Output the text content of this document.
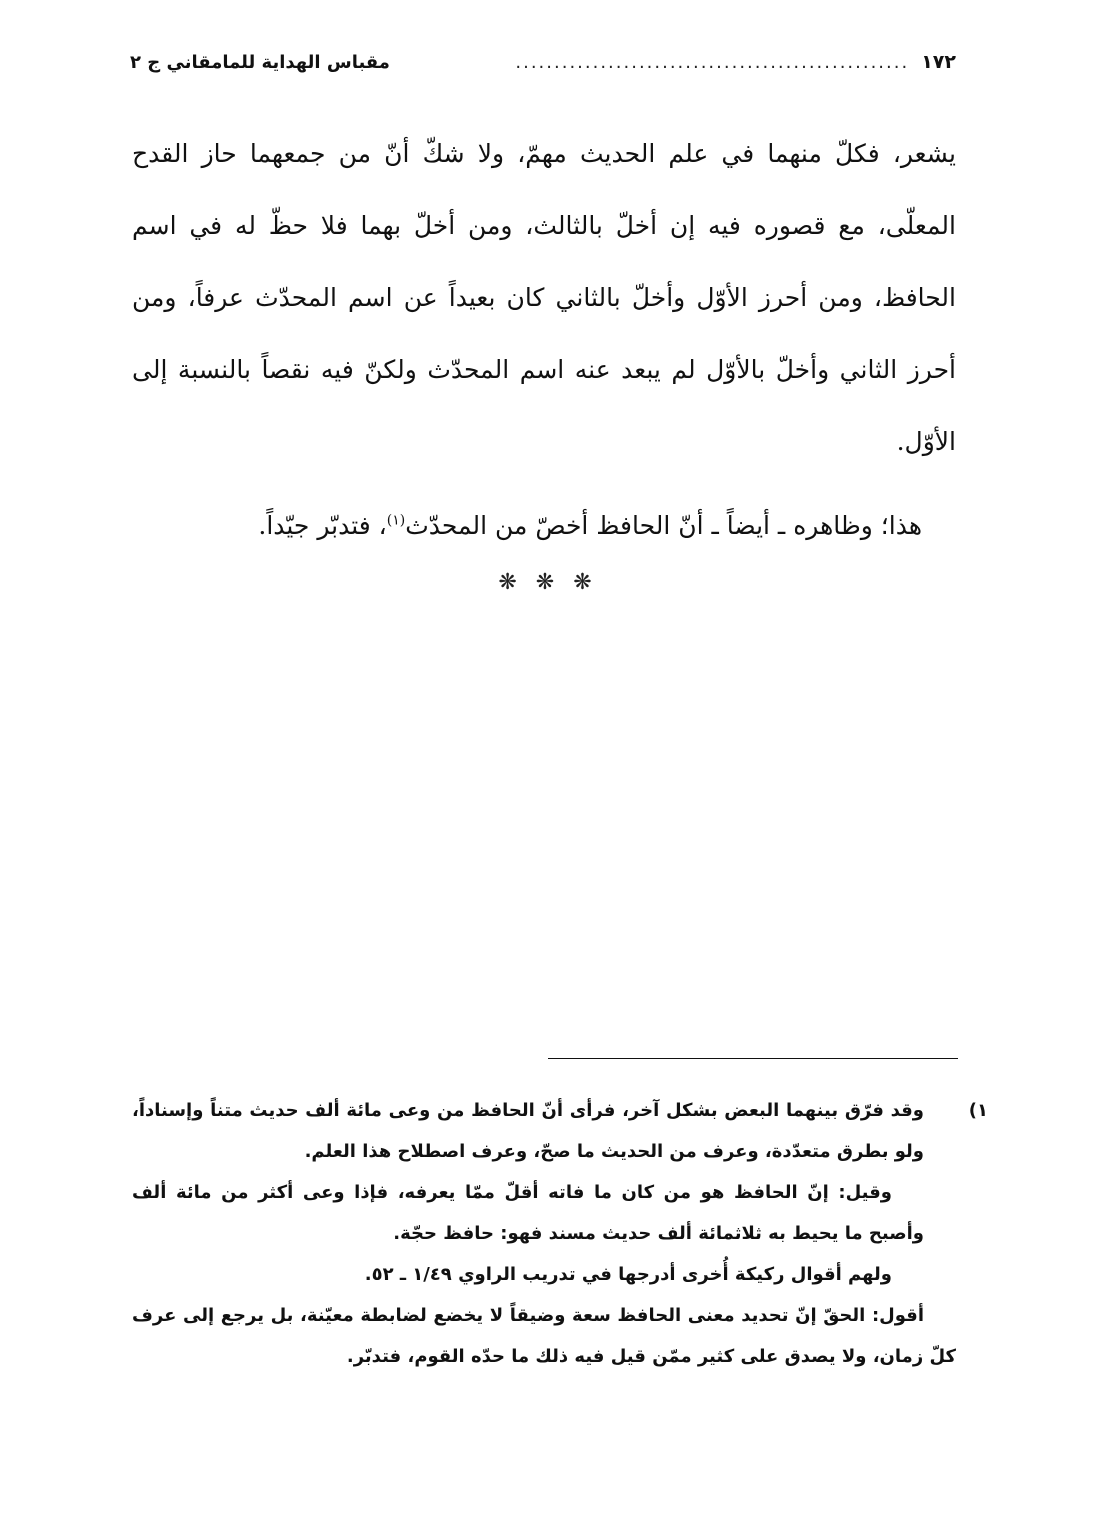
١٧٢
...................................................
مقباس الهداية للمامقاني ج ٢

يشعر، فكلّ منهما في علم الحديث مهمّ، ولا شكّ أنّ من جمعهما حاز القدح المعلّى، مع قصوره فيه إن أخلّ بالثالث، ومن أخلّ بهما فلا حظّ له في اسم الحافظ، ومن أحرز الأوّل وأخلّ بالثاني كان بعيداً عن اسم المحدّث عرفاً، ومن أحرز الثاني وأخلّ بالأوّل لم يبعد عنه اسم المحدّث ولكنّ فيه نقصاً بالنسبة إلى الأوّل.

هذا؛ وظاهره ـ أيضاً ـ أنّ الحافظ أخصّ من المحدّث$^{(١)}$، فتدبّر جيّداً.

❋ ❋ ❋

١)وقد فرّق بينهما البعض بشكل آخر، فرأى أنّ الحافظ من وعى مائة ألف حديث متناً وإسناداً، ولو بطرق متعدّدة، وعرف من الحديث ما صحّ، وعرف اصطلاح هذا العلم.

وقيل: إنّ الحافظ هو من كان ما فاته أقلّ ممّا يعرفه، فإذا وعى أكثر من مائة ألف وأصبح ما يحيط به ثلاثمائة ألف حديث مسند فهو: حافظ حجّة.

ولهم أقوال ركيكة أُخرى أدرجها في تدريب الراوي ١/٤٩ ـ ٥٢.

أقول: الحقّ إنّ تحديد معنى الحافظ سعة وضيقاً لا يخضع لضابطة معيّنة، بل يرجع إلى عرف كلّ زمان، ولا يصدق على كثير ممّن قيل فيه ذلك ما حدّه القوم، فتدبّر.
